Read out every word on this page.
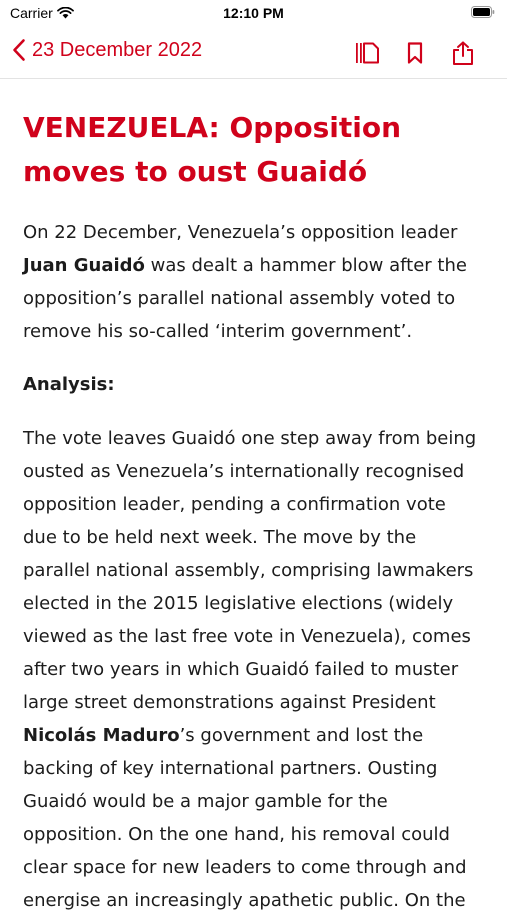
Carrier	12:10 PM
23 December 2022
VENEZUELA: Opposition moves to oust Guaidó

On 22 December, Venezuela’s opposition leader Juan Guaidó was dealt a hammer blow after the opposition’s parallel national assembly voted to remove his so-called ‘interim government’.

Analysis:

The vote leaves Guaidó one step away from being ousted as Venezuela’s internationally recognised opposition leader, pending a confirmation vote due to be held next week. The move by the parallel national assembly, comprising lawmakers elected in the 2015 legislative elections (widely viewed as the last free vote in Venezuela), comes after two years in which Guaidó failed to muster large street demonstrations against President Nicolás Maduro’s government and lost the backing of key international partners. Ousting Guaidó would be a major gamble for the opposition. On the one hand, his removal could clear space for new leaders to come through and energise an increasingly apathetic public. On the
